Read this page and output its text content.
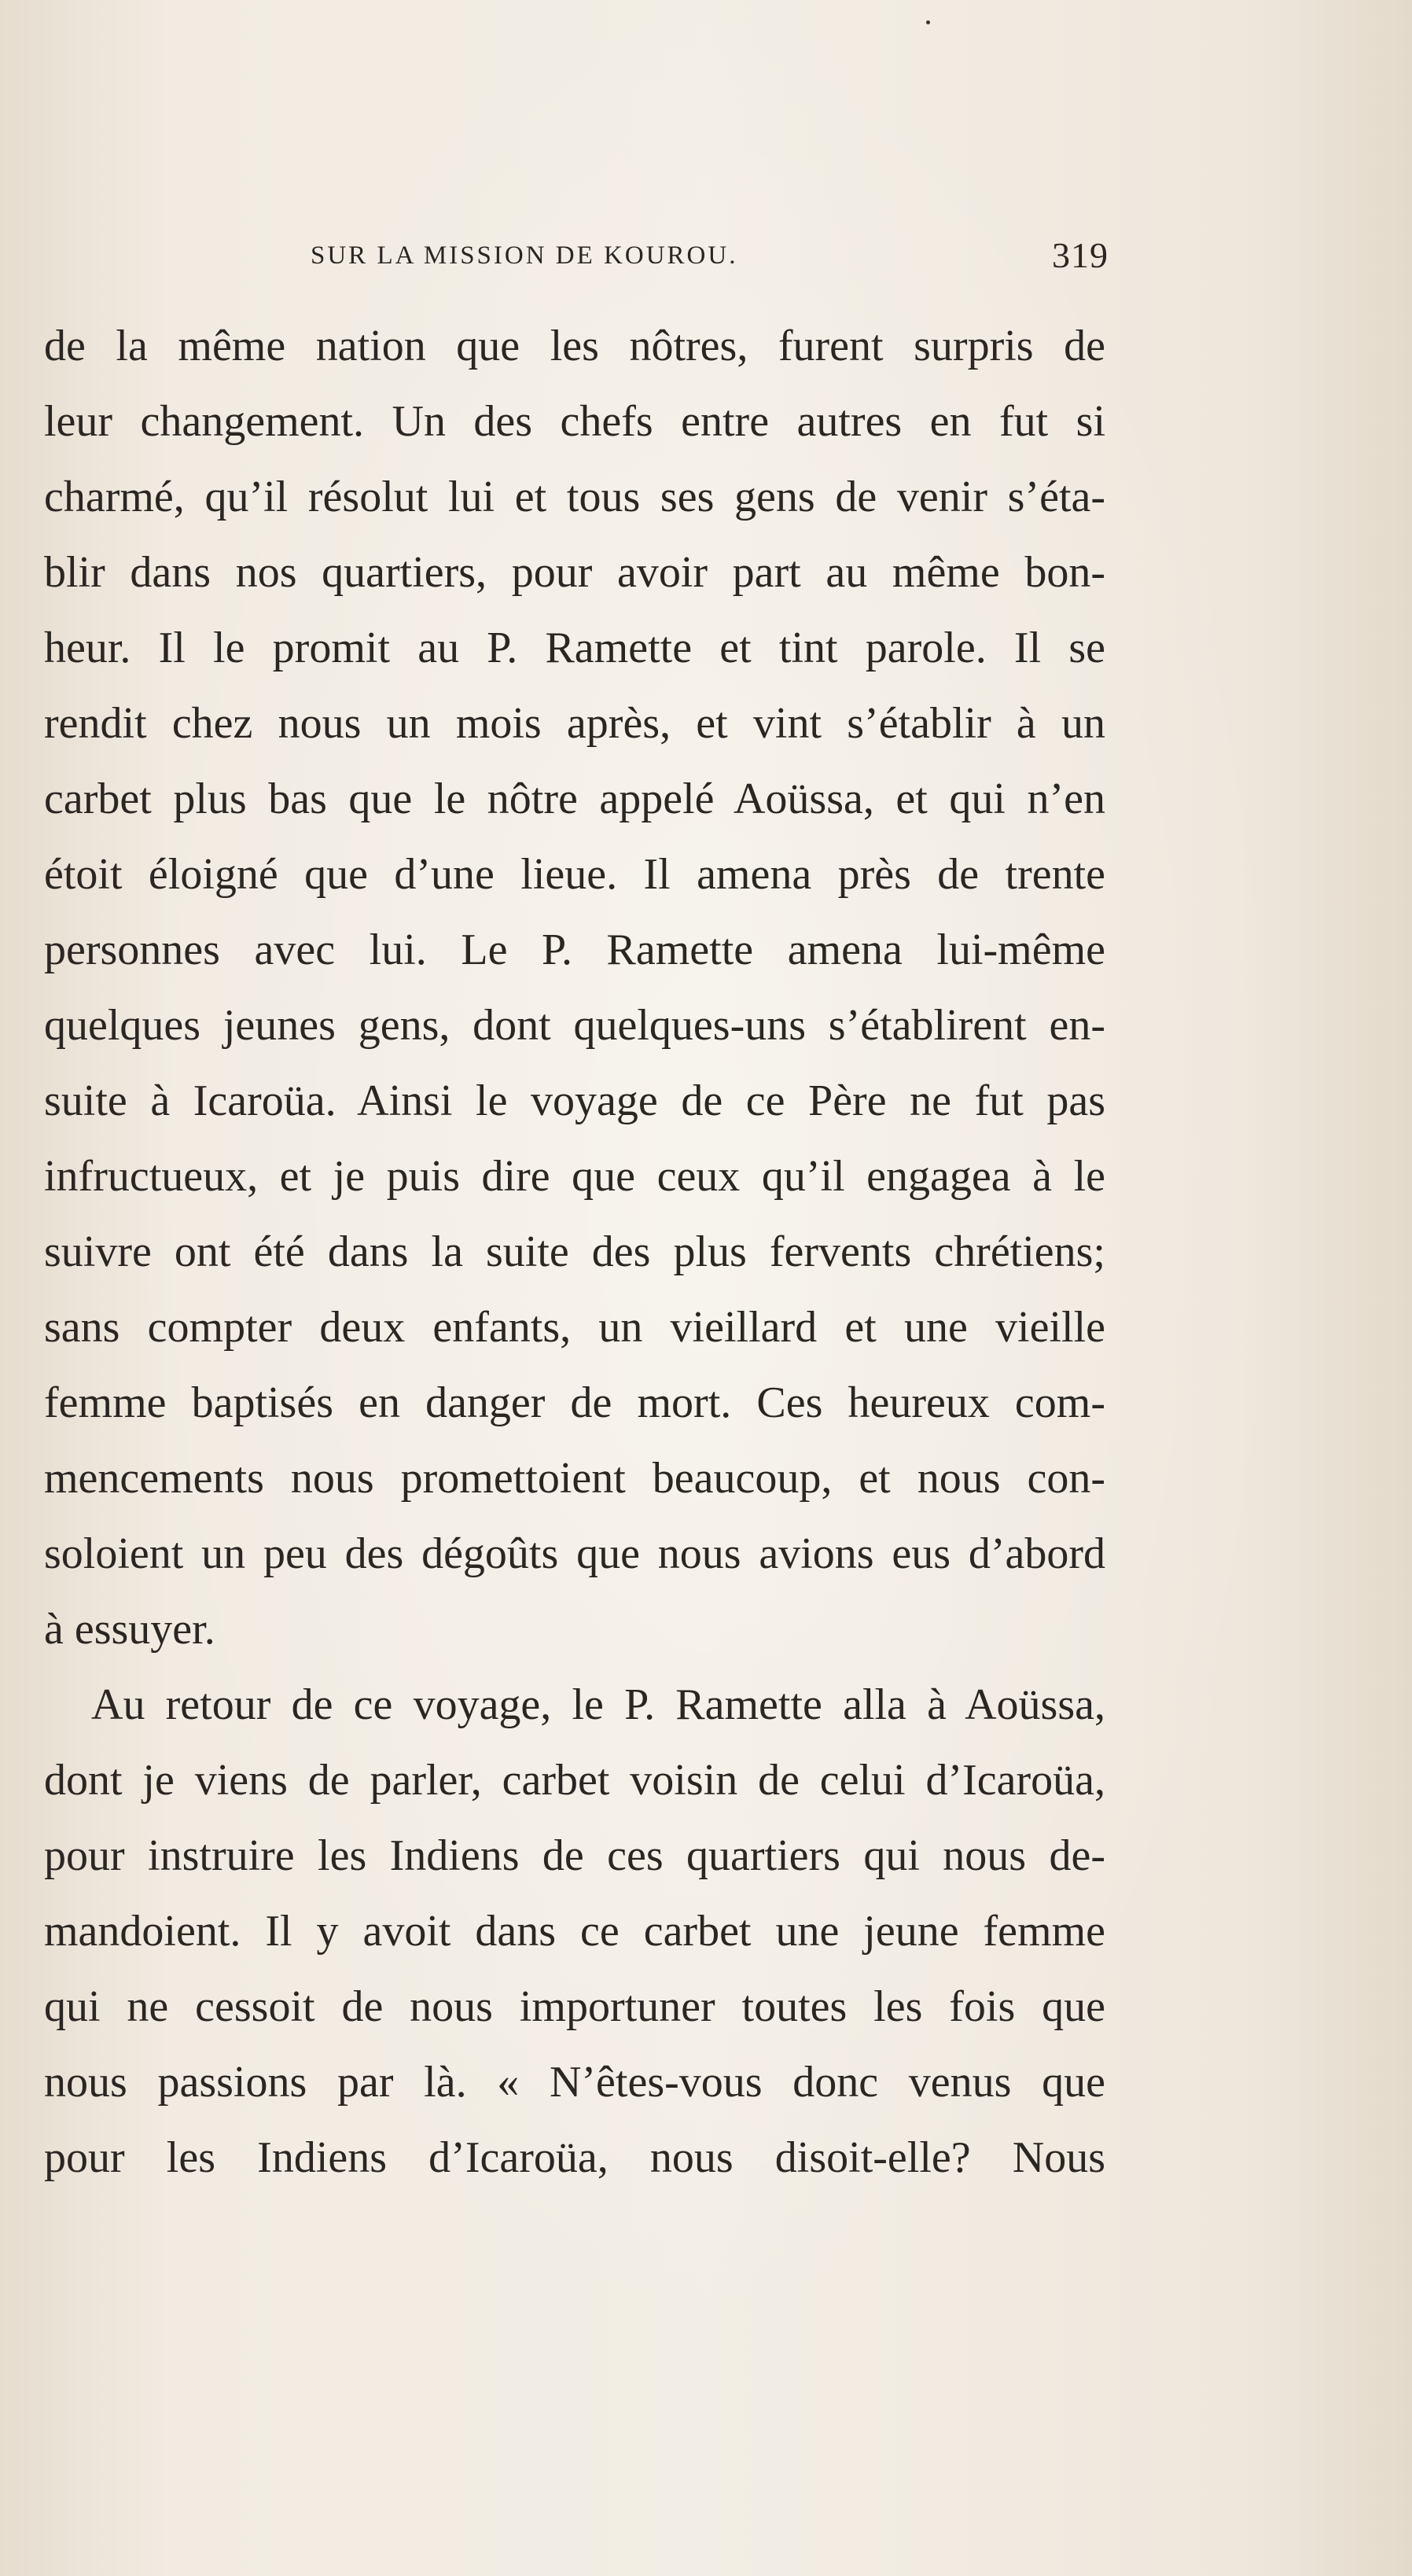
SUR LA MISSION DE KOUROU.	319
de la même nation que les nôtres, furent surpris de
leur changement. Un des chefs entre autres en fut si
charmé, qu’il résolut lui et tous ses gens de venir s’éta-
blir dans nos quartiers, pour avoir part au même bon-
heur. Il le promit au P. Ramette et tint parole. Il se
rendit chez nous un mois après, et vint s’établir à un
carbet plus bas que le nôtre appelé Aoüssa, et qui n’en
étoit éloigné que d’une lieue. Il amena près de trente
personnes avec lui. Le P. Ramette amena lui-même
quelques jeunes gens, dont quelques-uns s’établirent en-
suite à Icaroüa. Ainsi le voyage de ce Père ne fut pas
infructueux, et je puis dire que ceux qu’il engagea à le
suivre ont été dans la suite des plus fervents chrétiens;
sans compter deux enfants, un vieillard et une vieille
femme baptisés en danger de mort. Ces heureux com-
mencements nous promettoient beaucoup, et nous con-
soloient un peu des dégoûts que nous avions eus d’abord
à essuyer.
Au retour de ce voyage, le P. Ramette alla à Aoüssa,
dont je viens de parler, carbet voisin de celui d’Icaroüa,
pour instruire les Indiens de ces quartiers qui nous de-
mandoient. Il y avoit dans ce carbet une jeune femme
qui ne cessoit de nous importuner toutes les fois que
nous passions par là. « N’êtes-vous donc venus que
pour les Indiens d’Icaroüa, nous disoit-elle? Nous
